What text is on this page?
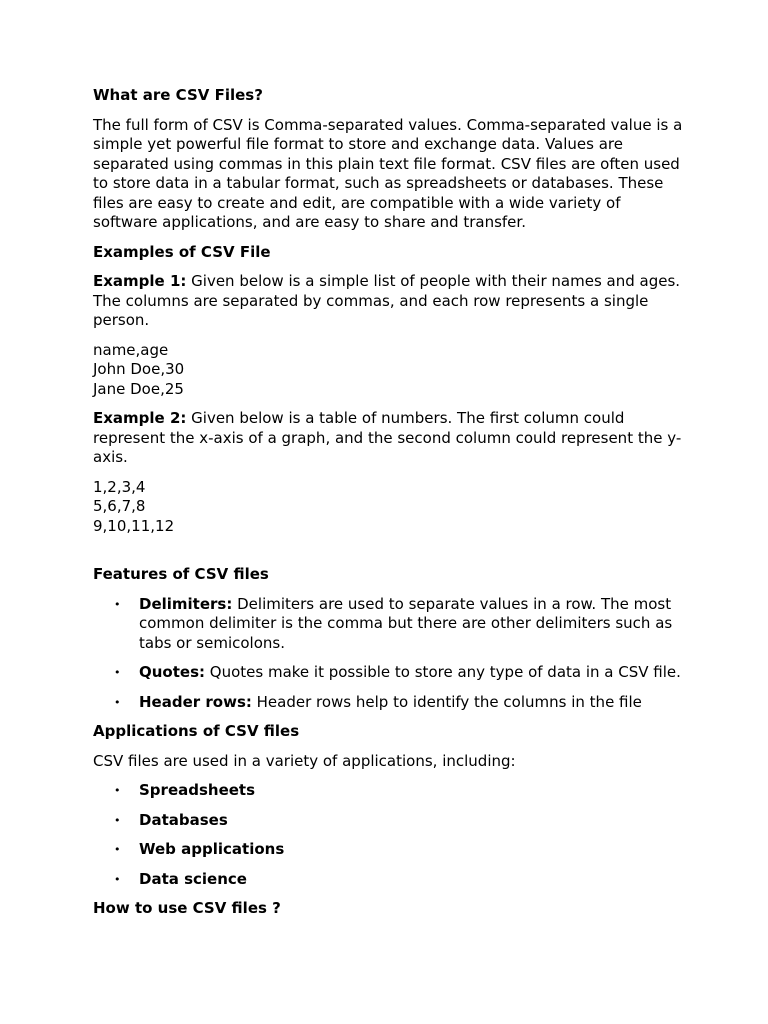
What are CSV Files?

The full form of CSV is Comma-separated values. Comma-separated value is a simple yet powerful file format to store and exchange data. Values are separated using commas in this plain text file format. CSV files are often used to store data in a tabular format, such as spreadsheets or databases. These files are easy to create and edit, are compatible with a wide variety of software applications, and are easy to share and transfer.

Examples of CSV File

Example 1: Given below is a simple list of people with their names and ages. The columns are separated by commas, and each row represents a single person.

name,age
John Doe,30
Jane Doe,25

Example 2: Given below is a table of numbers. The first column could represent the x-axis of a graph, and the second column could represent the y-axis.

1,2,3,4
5,6,7,8
9,10,11,12
Features of CSV files
• Delimiters: Delimiters are used to separate values in a row. The most common delimiter is the comma but there are other delimiters such as tabs or semicolons.
• Quotes: Quotes make it possible to store any type of data in a CSV file.
• Header rows: Header rows help to identify the columns in the file
Applications of CSV files

CSV files are used in a variety of applications, including:

• Spreadsheets
• Databases
• Web applications
• Data science
How to use CSV files ?
